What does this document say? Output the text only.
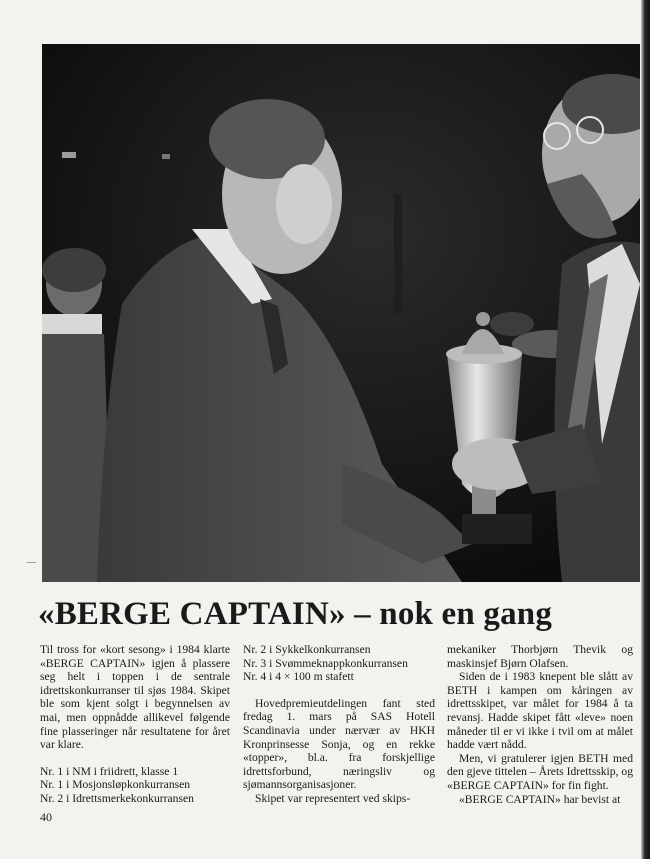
—
«BERGE CAPTAIN» – nok en gang

Til tross for «kort sesong» i 1984 klarte «BERGE CAPTAIN» igjen å plassere seg helt i toppen i de sentrale idrettskonkurranser til sjøs 1984. Skipet ble som kjent solgt i begynnelsen av mai, men oppnådde allikevel følgende fine plasseringer når resultatene for året var klare.

Nr. 1 i NM i friidrett, klasse 1

Nr. 1 i Mosjonsløpkonkurransen

Nr. 2 i Idrettsmerkekonkurransen

Nr. 2 i Sykkelkonkurransen

Nr. 3 i Svømmeknappkonkurransen

Nr. 4 i 4 × 100 m stafett

Hovedpremieutdelingen fant sted fredag 1. mars på SAS Hotell Scandinavia under nærvær av HKH Kronprinsesse Sonja, og en rekke «topper», bl.a. fra forskjellige idrettsforbund, næringsliv og sjømannsorganisasjoner.

Skipet var representert ved skips-

mekaniker Thorbjørn Thevik og maskinsjef Bjørn Olafsen.

Siden de i 1983 knepent ble slått av BETH i kampen om kåringen av idrettsskipet, var målet for 1984 å ta revansj. Hadde skipet fått «leve» noen måneder til er vi ikke i tvil om at målet hadde vært nådd.

Men, vi gratulerer igjen BETH med den gjeve tittelen – Årets Idrettsskip, og «BERGE CAPTAIN» for fin fight.

«BERGE CAPTAIN» har bevist at

40
